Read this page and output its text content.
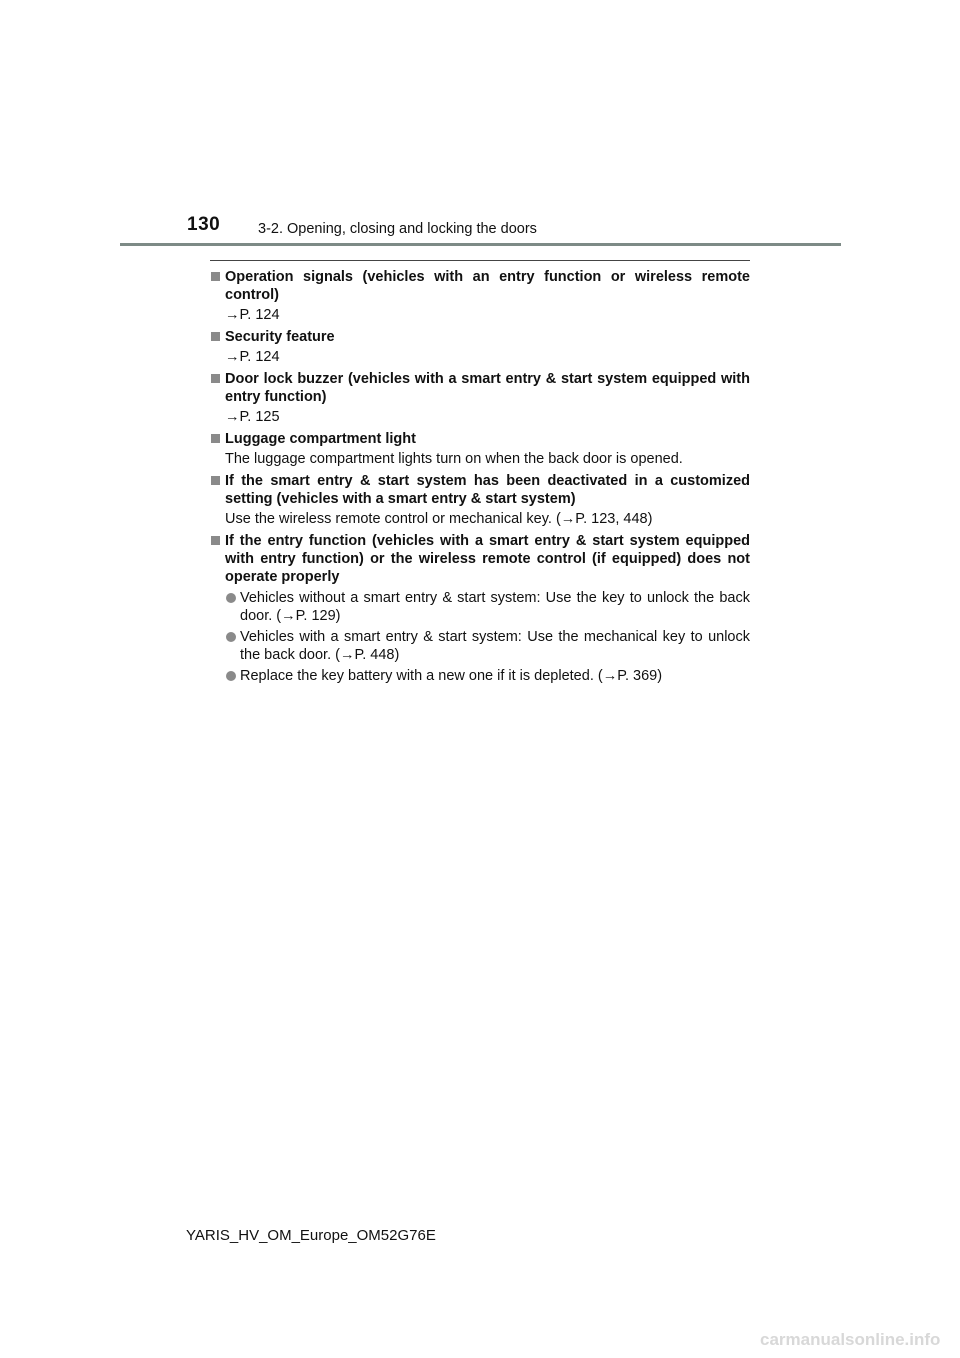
130	3-2. Opening, closing and locking the doors
Operation signals (vehicles with an entry function or wireless remote control)
→P. 124
Security feature
→P. 124
Door lock buzzer (vehicles with a smart entry & start system equipped with entry function)
→P. 125
Luggage compartment light
The luggage compartment lights turn on when the back door is opened.
If the smart entry & start system has been deactivated in a customized setting (vehicles with a smart entry & start system)
Use the wireless remote control or mechanical key. (→P. 123, 448)
If the entry function (vehicles with a smart entry & start system equipped with entry function) or the wireless remote control (if equipped) does not operate properly
Vehicles without a smart entry & start system: Use the key to unlock the back door. (→P. 129)
Vehicles with a smart entry & start system: Use the mechanical key to unlock the back door. (→P. 448)
Replace the key battery with a new one if it is depleted. (→P. 369)
YARIS_HV_OM_Europe_OM52G76E
carmanualsonline.info
